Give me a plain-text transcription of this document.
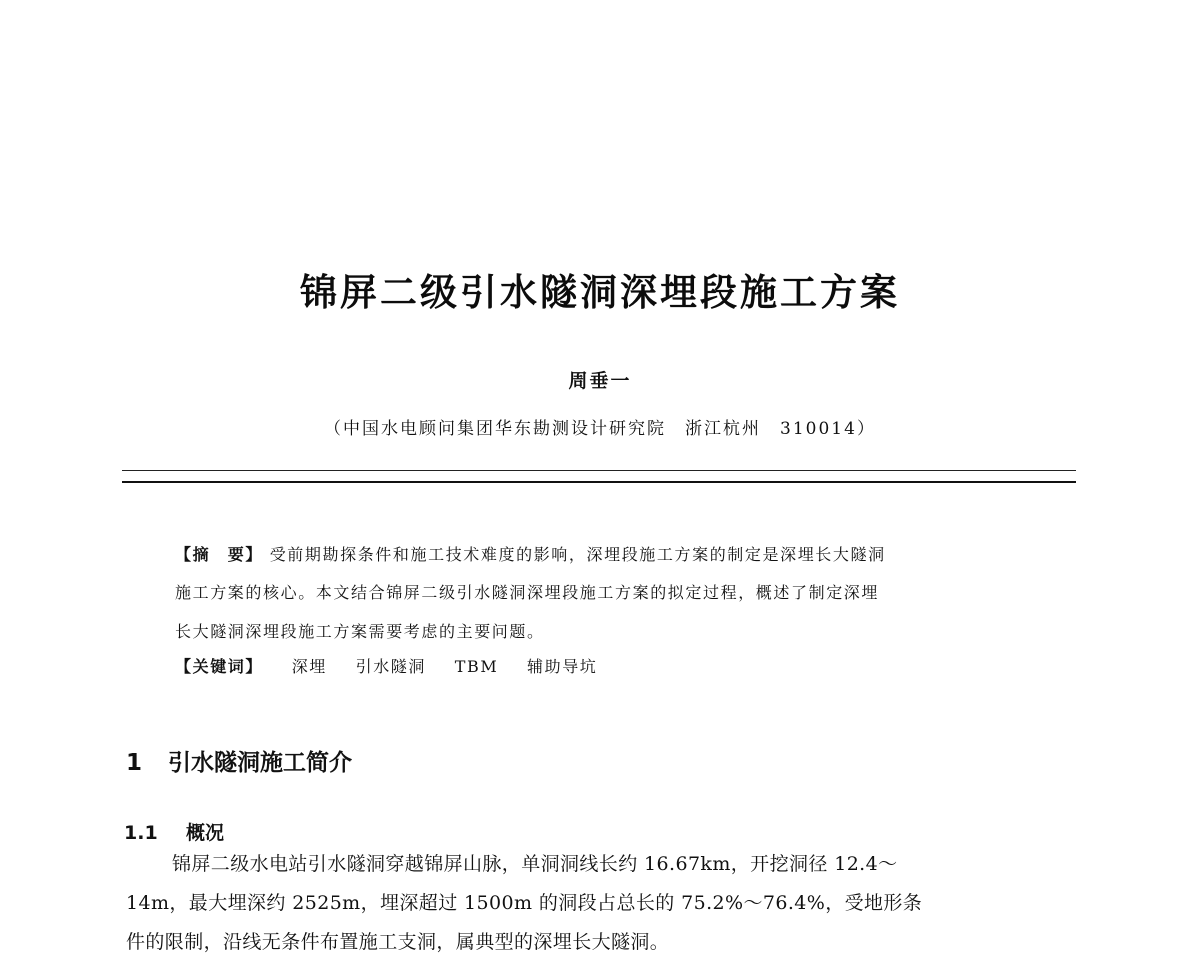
锦屏二级引水隧洞深埋段施工方案
周垂一
（中国水电顾问集团华东勘测设计研究院　浙江杭州　310014）
【摘　要】 受前期勘探条件和施工技术难度的影响，深埋段施工方案的制定是深埋长大隧洞
施工方案的核心。本文结合锦屏二级引水隧洞深埋段施工方案的拟定过程，概述了制定深埋
长大隧洞深埋段施工方案需要考虑的主要问题。
【关键词】 深埋 引水隧洞 TBM 辅助导坑
1 引水隧洞施工简介
1.1 概况
锦屏二级水电站引水隧洞穿越锦屏山脉，单洞洞线长约 16.67km，开挖洞径 12.4～
14m，最大埋深约 2525m，埋深超过 1500m 的洞段占总长的 75.2%～76.4%，受地形条
件的限制，沿线无条件布置施工支洞，属典型的深埋长大隧洞。
